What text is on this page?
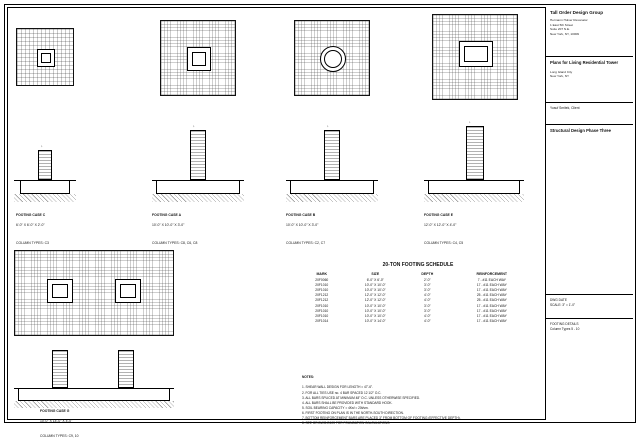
↓

FOOTING CASE C

6'-0" X 6'-0" X 2'-0"

COLUMN TYPES: C3

↓

FOOTING CASE A

10'-0" X 10'-0" X 3'-0"

COLUMN TYPES: C8, C6, C8

↓

FOOTING CASE B

10'-0" X 10'-0" X 3'-0"

COLUMN TYPES: C2, C7

↓

FOOTING CASE E

12'-0" X 12'-0" X 4'-0"

COLUMN TYPES: C4, C5

FOOTING CASE G

10'-0" X 14'-0" X 4'-0"

COLUMN TYPES: C9, 10

20-TON FOOTING SCHEDULE
MARK	SIZE	DEPTH	REINFORCEMENT
20F0060	6'-0" X 6'-0"	2'-0"	7 - #11 EACH WAY
20F1010	10'-0" X 10'-0"	3'-0"	17 - #11 EACH WAY
20F1010	10'-0" X 10'-0"	3'-0"	17 - #11 EACH WAY
20F1212	12'-0" X 12'-0"	4'-0"	25 - #11 EACH WAY
20F1212	12'-0" X 12'-0"	4'-0"	25 - #11 EACH WAY
20F1010	10'-0" X 10'-0"	3'-0"	17 - #11 EACH WAY
20F1010	10'-0" X 10'-0"	3'-0"	17 - #11 EACH WAY
20F1010	10'-0" X 10'-0"	4'-0"	17 - #11 EACH WAY
20F1014	10'-0" X 14'-0"	4'-0"	17 - #11 EACH WAY

NOTES:

1. SHEAR WALL DESIGN FOR LENGTH = 47'-6".
2. FOR ALL TIES USE no. 4 BAR SPACED 12 1/2" O.C.
3. ALL BARS SPLICED AT MINIMUM 48" O.C. UNLESS OTHERWISE SPECIFIED.
4. ALL BARS SHALL BE PROVIDED WITH STANDARD HOOK.
5. SOIL BEARING CAPACITY = 4Ksf = 20t/sm.
6. FIRST FOOTING ON PLAN IS IN THE NORTH-SOUTH DIRECTION.
7. BOTTOM REINFORCEMENT BARS ARE PLACED 3" FROM BOTTOM OF FOOTING (EFFECTIVE DEPTH).
8. SEE GR.DWG-D103 FOR FOUNDATION CALCULATIONS.

Tall Order Design Group
Hermann Hulver Resonator
1 East 5th Street
Suite 207 N.E.
New York, NY, 10009
Plans for Living Residential Tower
Long Island City
New York, NY
Yusuf Smitek, Client
Structural Design Phase Three
DWG DATE
SCALE: 3" = 1'-0"
FOOTING DETAILS
Column Types 5 - 10
